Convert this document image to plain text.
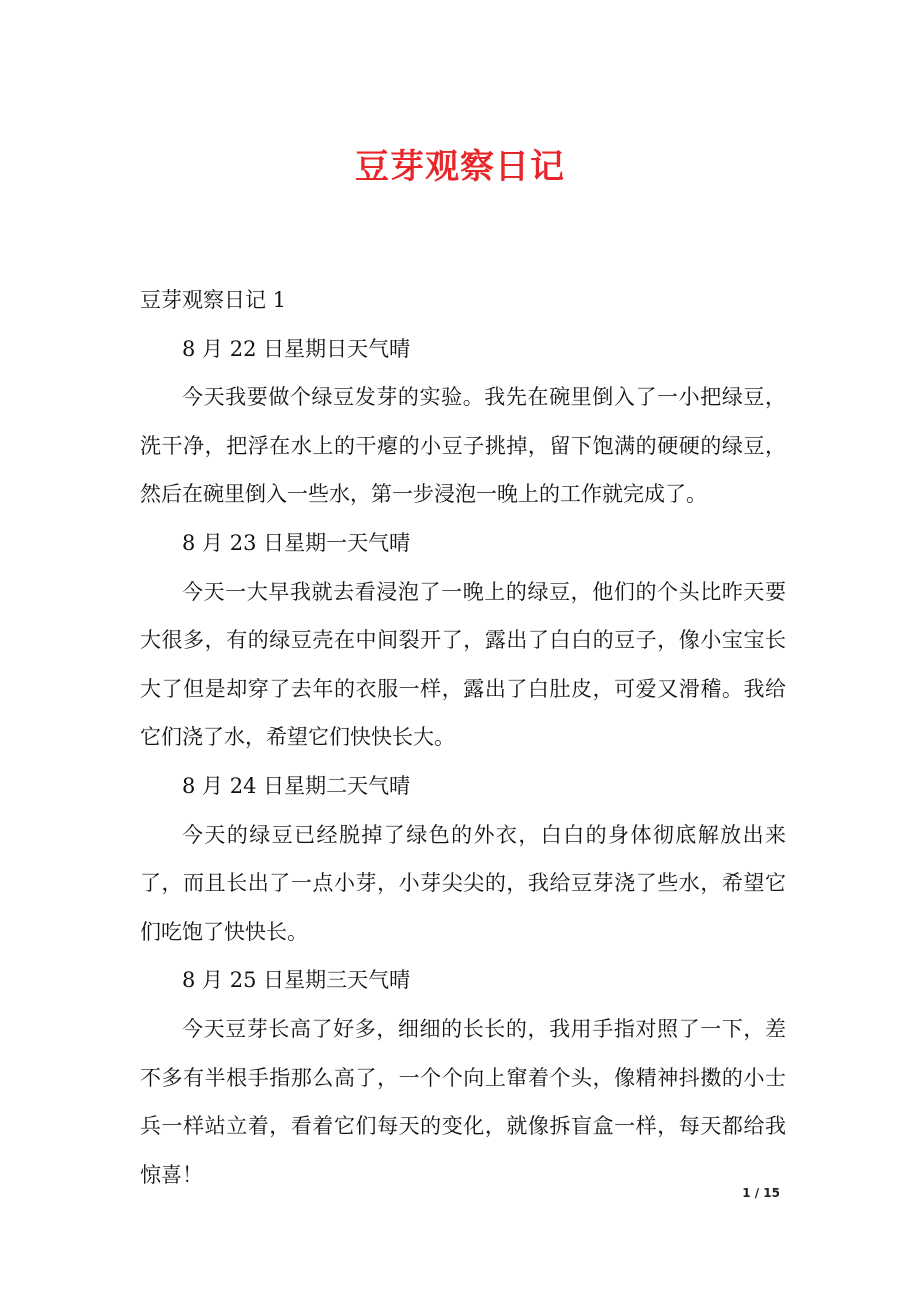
豆芽观察日记

豆芽观察日记 1

8 月 22 日星期日天气晴

今天我要做个绿豆发芽的实验。我先在碗里倒入了一小把绿豆，洗干净，把浮在水上的干瘪的小豆子挑掉，留下饱满的硬硬的绿豆，然后在碗里倒入一些水，第一步浸泡一晚上的工作就完成了。

8 月 23 日星期一天气晴

今天一大早我就去看浸泡了一晚上的绿豆，他们的个头比昨天要大很多，有的绿豆壳在中间裂开了，露出了白白的豆子，像小宝宝长大了但是却穿了去年的衣服一样，露出了白肚皮，可爱又滑稽。我给它们浇了水，希望它们快快长大。

8 月 24 日星期二天气晴

今天的绿豆已经脱掉了绿色的外衣，白白的身体彻底解放出来了，而且长出了一点小芽，小芽尖尖的，我给豆芽浇了些水，希望它们吃饱了快快长。

8 月 25 日星期三天气晴

今天豆芽长高了好多，细细的长长的，我用手指对照了一下，差不多有半根手指那么高了，一个个向上窜着个头，像精神抖擞的小士兵一样站立着，看着它们每天的变化，就像拆盲盒一样，每天都给我惊喜！

1 / 15
